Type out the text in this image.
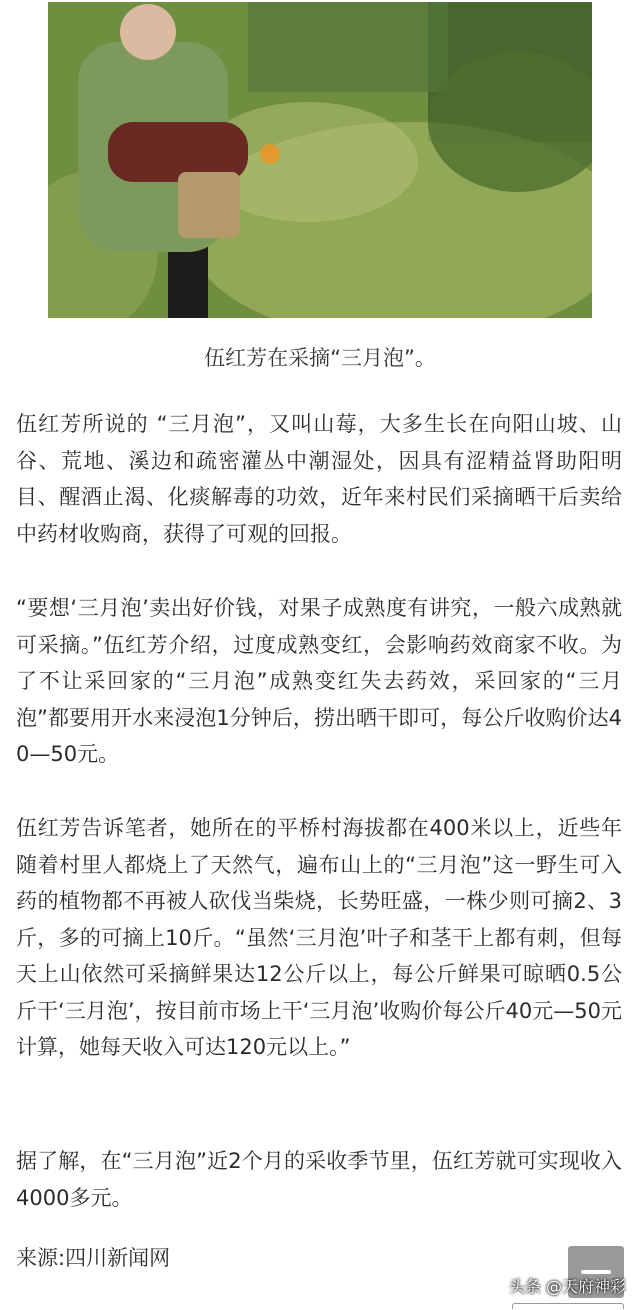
伍红芳在采摘“三月泡”。

伍红芳所说的 “三月泡”，又叫山莓，大多生长在向阳山坡、山谷、荒地、溪边和疏密灌丛中潮湿处，因具有涩精益肾助阳明目、醒酒止渴、化痰解毒的功效，近年来村民们采摘晒干后卖给中药材收购商，获得了可观的回报。

“要想‘三月泡’卖出好价钱，对果子成熟度有讲究，一般六成熟就可采摘。”伍红芳介绍，过度成熟变红，会影响药效商家不收。为了不让采回家的“三月泡”成熟变红失去药效，采回家的“三月泡”都要用开水来浸泡1分钟后，捞出晒干即可，每公斤收购价达40—50元。

伍红芳告诉笔者，她所在的平桥村海拔都在400米以上，近些年随着村里人都烧上了天然气，遍布山上的“三月泡”这一野生可入药的植物都不再被人砍伐当柴烧，长势旺盛，一株少则可摘2、3斤，多的可摘上10斤。“虽然‘三月泡’叶子和茎干上都有刺，但每天上山依然可采摘鲜果达12公斤以上，每公斤鲜果可晾晒0.5公斤干‘三月泡’，按目前市场上干‘三月泡’收购价每公斤40元—50元计算，她每天收入可达120元以上。”

据了解，在“三月泡”近2个月的采收季节里，伍红芳就可实现收入4000多元。

来源:四川新闻网
头条 @天府神彩
